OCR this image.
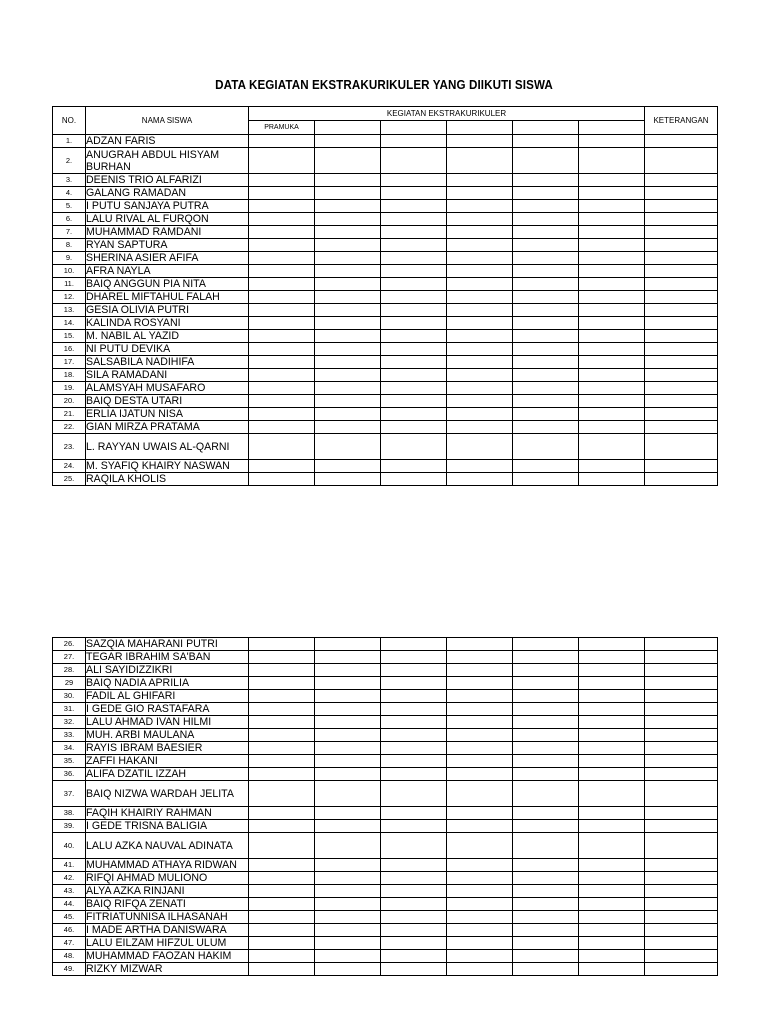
DATA KEGIATAN EKSTRAKURIKULER YANG DIIKUTI SISWA
NO.	NAMA SISWA	KEGIATAN EKSTRAKURIKULER						KETERANGAN
		PRAMUKA						
1.	ADZAN FARIS							
2.	ANUGRAH ABDUL HISYAM BURHAN							
3.	DEENIS TRIO ALFARIZI							
4.	GALANG RAMADAN							
5.	I PUTU SANJAYA PUTRA							
6.	LALU RIVAL AL FURQON							
7.	MUHAMMAD RAMDANI							
8.	RYAN SAPTURA							
9.	SHERINA ASIER AFIFA							
10.	AFRA NAYLA							
11.	BAIQ ANGGUN PIA NITA							
12.	DHAREL MIFTAHUL FALAH							
13.	GESIA OLIVIA PUTRI							
14.	KALINDA ROSYANI							
15.	M. NABIL AL YAZID							
16.	NI PUTU DEVIKA							
17.	SALSABILA NADIHIFA							
18.	SILA RAMADANI							
19.	ALAMSYAH MUSAFARO							
20.	BAIQ DESTA UTARI							
21.	ERLIA IJATUN NISA							
22.	GIAN MIRZA PRATAMA							
23.	L. RAYYAN UWAIS AL-QARNI							
24.	M. SYAFIQ KHAIRY NASWAN							
25.	RAQILA KHOLIS							
26.	SAZQIA MAHARANI PUTRI							
27.	TEGAR IBRAHIM SA'BAN							
28.	ALI SAYIDIZZIKRI							
29	BAIQ NADIA APRILIA							
30.	FADIL AL GHIFARI							
31.	I GEDE GIO RASTAFARA							
32.	LALU AHMAD IVAN HILMI							
33.	MUH. ARBI MAULANA							
34.	RAYIS IBRAM BAESIER							
35.	ZAFFI HAKANI							
36.	ALIFA DZATIL IZZAH							
37.	BAIQ NIZWA WARDAH JELITA							
38.	FAQIH KHAIRIY RAHMAN							
39.	I GEDE TRISNA BALIGIA							
40.	LALU AZKA NAUVAL ADINATA							
41.	MUHAMMAD ATHAYA RIDWAN							
42.	RIFQI AHMAD MULIONO							
43.	ALYA AZKA RINJANI							
44.	BAIQ RIFQA ZENATI							
45.	FITRIATUNNISA ILHASANAH							
46.	I MADE ARTHA DANISWARA							
47.	LALU EILZAM HIFZUL ULUM							
48.	MUHAMMAD FAOZAN HAKIM							
49.	RIZKY MIZWAR							
